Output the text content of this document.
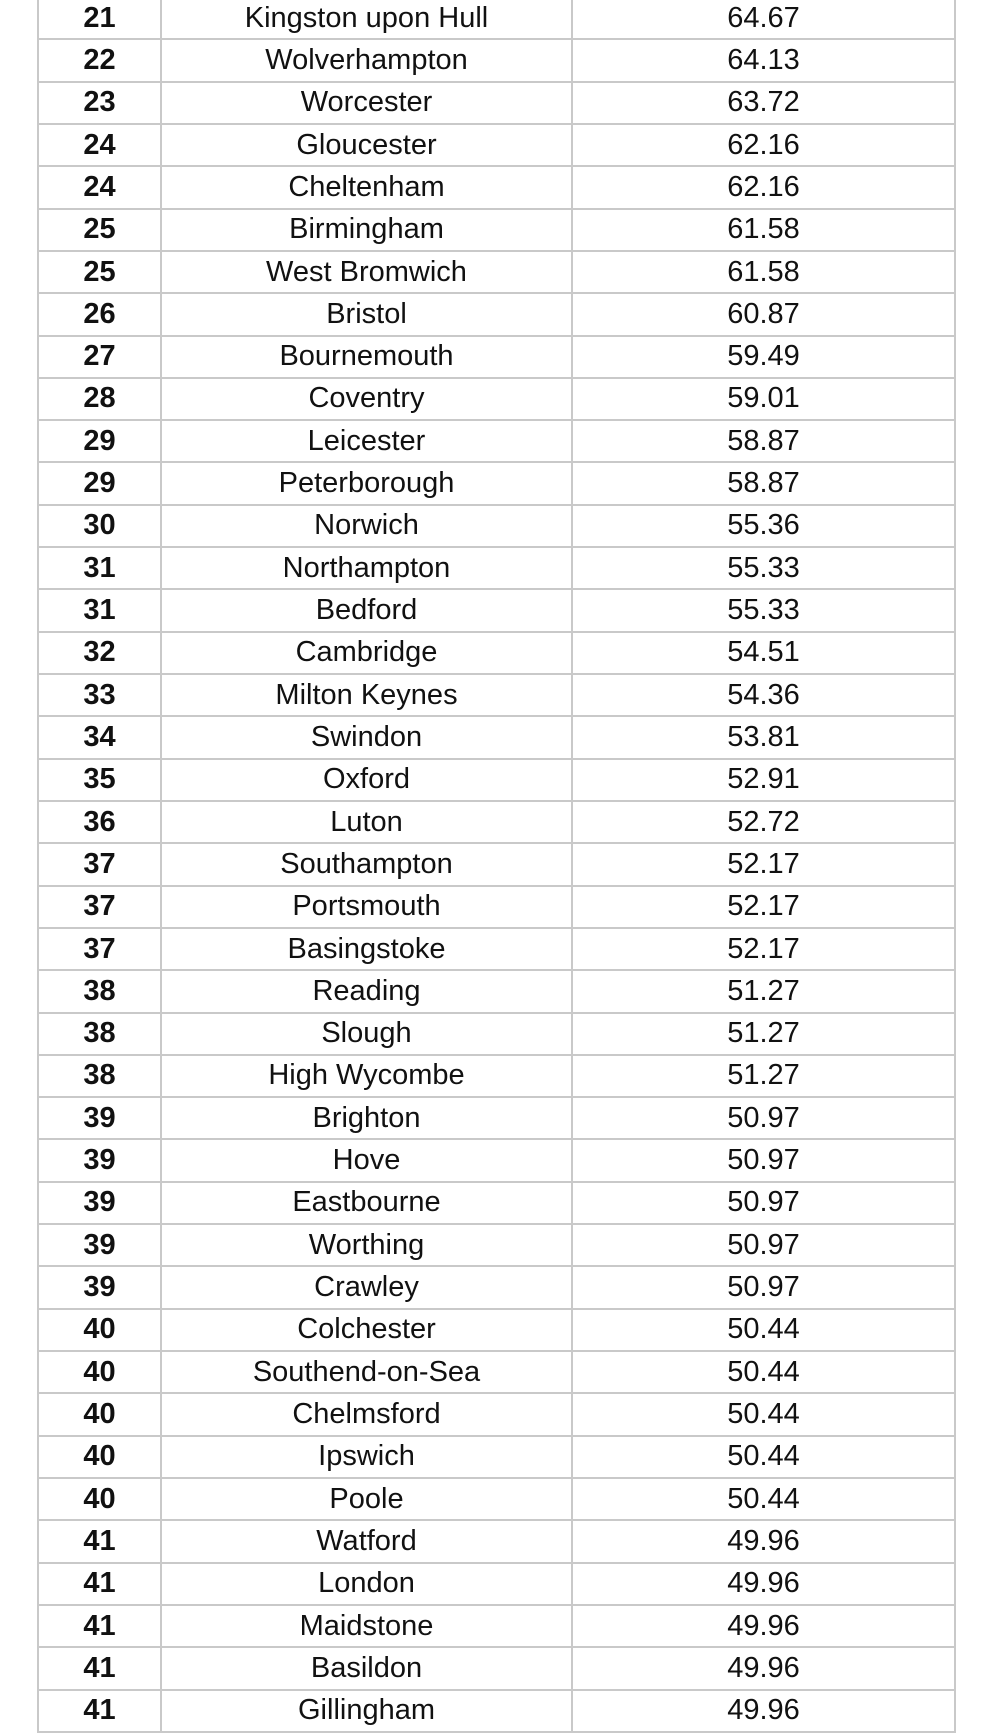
21	Kingston upon Hull	64.67
22	Wolverhampton	64.13
23	Worcester	63.72
24	Gloucester	62.16
24	Cheltenham	62.16
25	Birmingham	61.58
25	West Bromwich	61.58
26	Bristol	60.87
27	Bournemouth	59.49
28	Coventry	59.01
29	Leicester	58.87
29	Peterborough	58.87
30	Norwich	55.36
31	Northampton	55.33
31	Bedford	55.33
32	Cambridge	54.51
33	Milton Keynes	54.36
34	Swindon	53.81
35	Oxford	52.91
36	Luton	52.72
37	Southampton	52.17
37	Portsmouth	52.17
37	Basingstoke	52.17
38	Reading	51.27
38	Slough	51.27
38	High Wycombe	51.27
39	Brighton	50.97
39	Hove	50.97
39	Eastbourne	50.97
39	Worthing	50.97
39	Crawley	50.97
40	Colchester	50.44
40	Southend-on-Sea	50.44
40	Chelmsford	50.44
40	Ipswich	50.44
40	Poole	50.44
41	Watford	49.96
41	London	49.96
41	Maidstone	49.96
41	Basildon	49.96
41	Gillingham	49.96
